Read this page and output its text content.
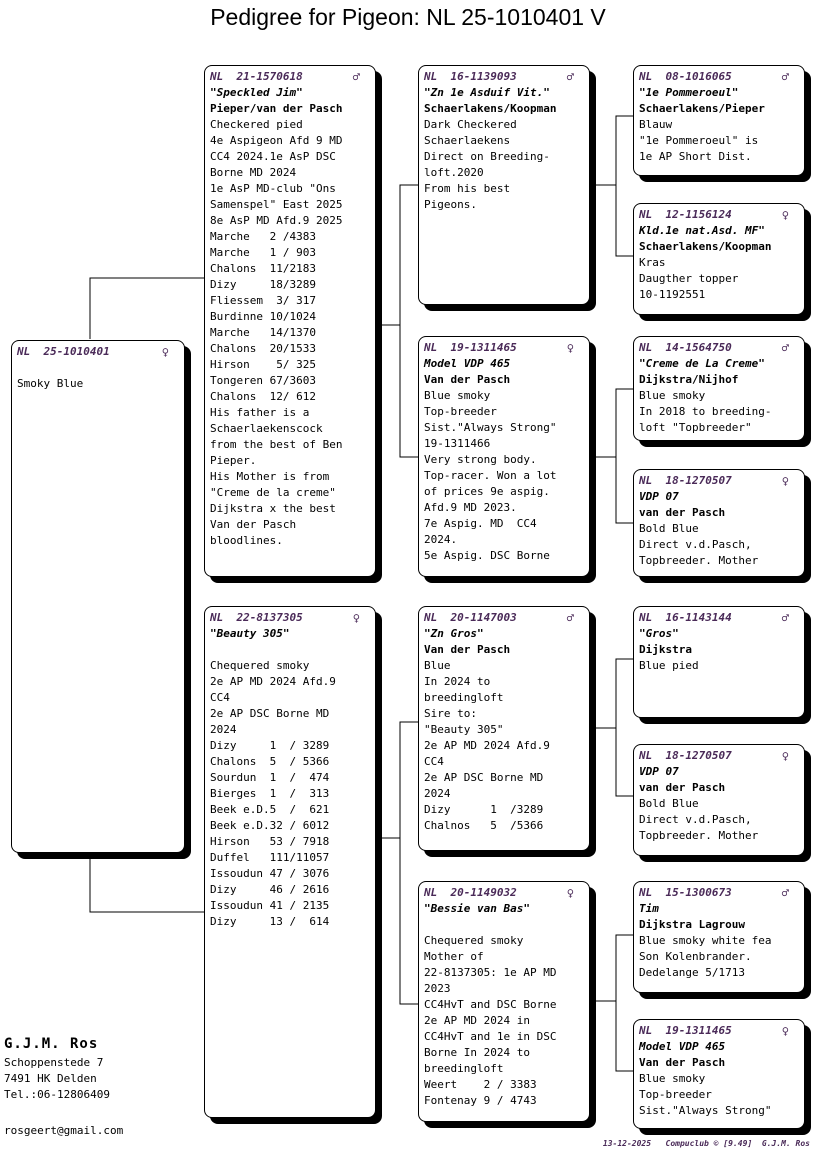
Pedigree for Pigeon: NL 25-1010401 V
NL  25-1010401	♀
Smoky Blue
NL  21-1570618	♂
"Speckled Jim"
Pieper/van der Pasch
Checkered pied
4e Aspigeon Afd 9 MD
CC4 2024.1e AsP DSC
Borne MD 2024
1e AsP MD-club "Ons
Samenspel" East 2025
8e AsP MD Afd.9 2025
Marche   2 /4383
Marche   1 / 903
Chalons  11/2183
Dizy     18/3289
Fliessem  3/ 317
Burdinne 10/1024
Marche   14/1370
Chalons  20/1533
Hirson    5/ 325
Tongeren 67/3603
Chalons  12/ 612
His father is a
Schaerlaekenscock
from the best of Ben
Pieper.
His Mother is from
"Creme de la creme"
Dijkstra x the best
Van der Pasch
bloodlines.
NL  22-8137305	♀
"Beauty 305"
Chequered smoky
2e AP MD 2024 Afd.9
CC4
2e AP DSC Borne MD
2024
Dizy     1  / 3289
Chalons  5  / 5366
Sourdun  1  /  474
Bierges  1  /  313
Beek e.D.5  /  621
Beek e.D.32 / 6012
Hirson   53 / 7918
Duffel   111/11057
Issoudun 47 / 3076
Dizy     46 / 2616
Issoudun 41 / 2135
Dizy     13 /  614
NL  16-1139093	♂
"Zn 1e Asduif Vit."
Schaerlakens/Koopman
Dark Checkered
Schaerlaekens
Direct on Breeding-
loft.2020
From his best
Pigeons.
NL  19-1311465	♀
Model VDP 465
Van der Pasch
Blue smoky
Top-breeder
Sist."Always Strong"
19-1311466
Very strong body.
Top-racer. Won a lot
of prices 9e aspig.
Afd.9 MD 2023.
7e Aspig. MD  CC4
2024.
5e Aspig. DSC Borne
NL  20-1147003	♂
"Zn Gros"
Van der Pasch
Blue
In 2024 to
breedingloft
Sire to:
"Beauty 305"
2e AP MD 2024 Afd.9
CC4
2e AP DSC Borne MD
2024
Dizy      1  /3289
Chalnos   5  /5366
NL  20-1149032	♀
"Bessie van Bas"
Chequered smoky
Mother of
22-8137305: 1e AP MD
2023
CC4HvT and DSC Borne
2e AP MD 2024 in
CC4HvT and 1e in DSC
Borne In 2024 to
breedingloft
Weert    2 / 3383
Fontenay 9 / 4743
NL  08-1016065	♂
"1e Pommeroeul"
Schaerlakens/Pieper
Blauw
"1e Pommeroeul" is
1e AP Short Dist.
NL  12-1156124	♀
Kld.1e nat.Asd. MF"
Schaerlakens/Koopman
Kras
Daugther topper
10-1192551
NL  14-1564750	♂
"Creme de La Creme"
Dijkstra/Nijhof
Blue smoky
In 2018 to breeding-
loft "Topbreeder"
NL  18-1270507	♀
VDP 07
van der Pasch
Bold Blue
Direct v.d.Pasch,
Topbreeder. Mother
NL  16-1143144	♂
"Gros"
Dijkstra
Blue pied
NL  18-1270507	♀
VDP 07
van der Pasch
Bold Blue
Direct v.d.Pasch,
Topbreeder. Mother
NL  15-1300673	♂
Tim
Dijkstra Lagrouw
Blue smoky white fea
Son Kolenbrander.
Dedelange 5/1713
NL  19-1311465	♀
Model VDP 465
Van der Pasch
Blue smoky
Top-breeder
Sist."Always Strong"
G.J.M. Ros
Schoppenstede 7
7491 HK Delden
Tel.:06-12806409
rosgeert@gmail.com
13-12-2025   Compuclub © [9.49]  G.J.M. Ros
